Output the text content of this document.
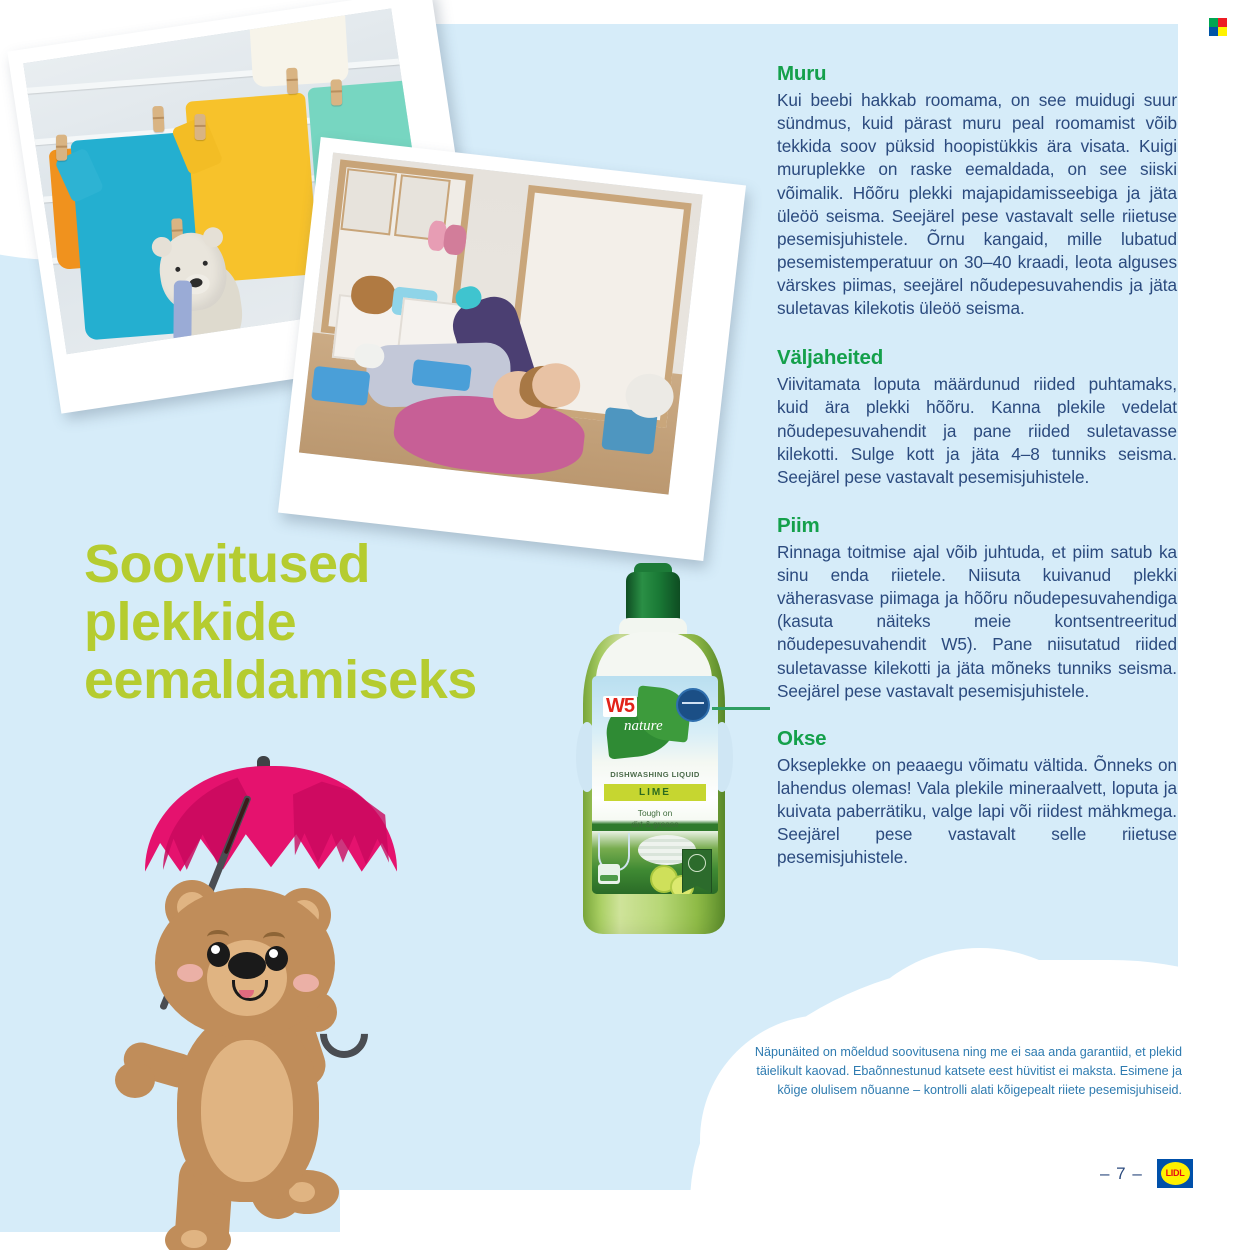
Soovitused
plekkide
eemaldamiseks	W5
nature
DISHWASHING LIQUID
LIME
Tough on
dirt & grease
Muru

Kui beebi hakkab roomama, on see muidugi suur sündmus, kuid pärast muru peal roomamist võib tekkida soov püksid hoopistükkis ära visata. Kuigi muruplekke on raske eemaldada, on see siiski võimalik. Hõõru plekki majapidamisseebiga ja jäta üleöö seisma. Seejärel pese vastavalt selle riietuse pesemisjuhistele. Õrnu kangaid, mille lubatud pesemistemperatuur on 30–40 kraadi, leota alguses värskes piimas, seejärel nõudepesuvahendis ja jäta suletavas kilekotis üleöö seisma.

Väljaheited

Viivitamata loputa määrdunud riided puhtamaks, kuid ära plekki hõõru. Kanna plekile vedelat nõudepesuvahendit ja pane riided suletavasse kilekotti. Sulge kott ja jäta 4–8 tunniks seisma. Seejärel pese vastavalt pesemisjuhistele.

Piim

Rinnaga toitmise ajal võib juhtuda, et piim satub ka sinu enda riietele. Niisuta kuivanud plekki väherasvase piimaga ja hõõru nõudepesuvahendiga (kasuta näiteks meie kontsentreeritud nõudepesuvahendit W5). Pane niisutatud riided suletavasse kilekotti ja jäta mõneks tunniks seisma. Seejärel pese vastavalt pesemisjuhistele.

Okse

Okseplekke on peaaegu võimatu vältida. Õnneks on lahendus olemas! Vala plekile mineraalvett, loputa ja kuivata paberrätiku, valge lapi või riidest mähkmega. Seejärel pese vastavalt selle riietuse pesemisjuhistele.

Näpunäited on mõeldud soovitusena ning me ei saa anda garantiid, et plekid täielikult kaovad. Ebaõnnestunud katsete eest hüvitist ei maksta. Esimene ja kõige olulisem nõuanne – kontrolli alati kõigepealt riiete pesemisjuhiseid.
– 7 –	LIDL
